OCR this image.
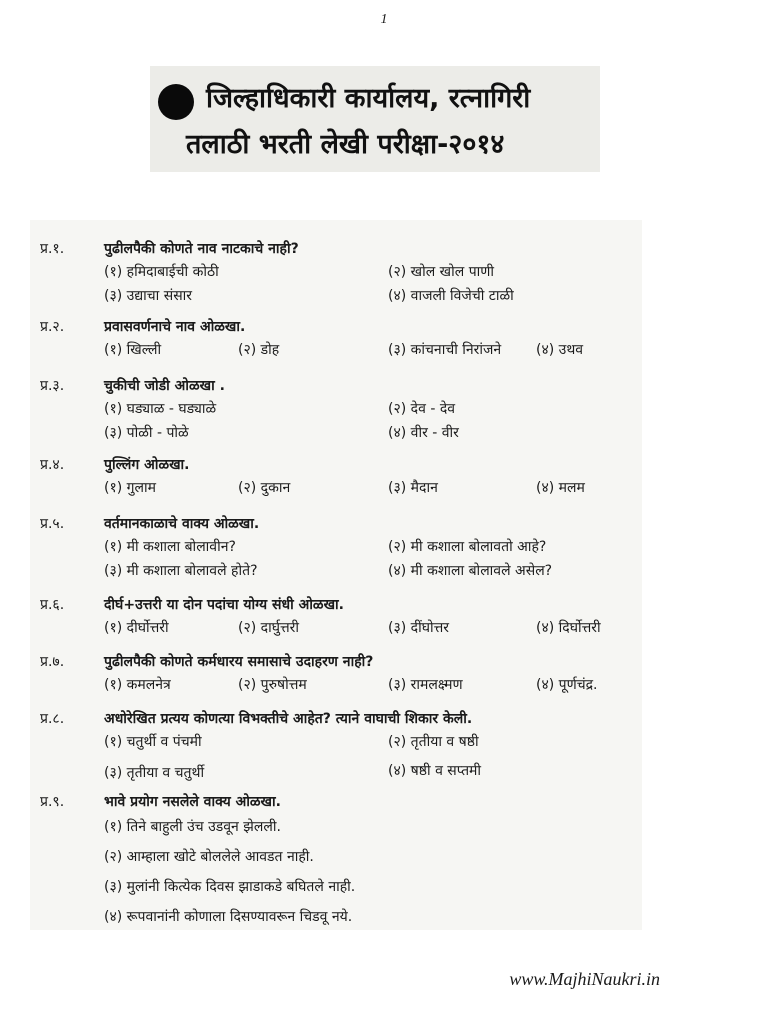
1
जिल्हाधिकारी कार्यालय, रत्नागिरी
तलाठी भरती लेखी परीक्षा-२०१४
प्र.१.	पुढीलपैकी कोणते नाव नाटकाचे नाही?
(१) हमिदाबाईची कोठी	(२) खोल खोल पाणी
(३) उद्याचा संसार	(४) वाजली विजेची टाळी
प्र.२.	प्रवासवर्णनाचे नाव ओळखा.
(१) खिल्ली	(२) डोह	(३) कांचनाची निरांजने (४) उथव
प्र.३.	चुकीची जोडी ओळखा .
(१) घड्याळ - घड्याळे	(२) देव - देव
(३) पोळी - पोळे	(४) वीर - वीर
प्र.४.	पुल्लिंग ओळखा.
(१) गुलाम	(२) दुकान	(३) मैदान	(४) मलम
प्र.५.	वर्तमानकाळाचे वाक्य ओळखा.
(१) मी कशाला बोलावीन?	(२) मी कशाला बोलावतो आहे?
(३) मी कशाला बोलावले होते?	(४) मी कशाला बोलावले असेल?
प्र.६.	दीर्घ+उत्तरी या दोन पदांचा योग्य संधी ओळखा.
(१) दीर्घोत्तरी	(२) दार्घुत्तरी	(३) दींघोत्तर	(४) दिर्घोत्तरी
प्र.७.	पुढीलपैकी कोणते कर्मधारय समासाचे उदाहरण नाही?
(१) कमलनेत्र	(२) पुरुषोत्तम	(३) रामलक्ष्मण	(४) पूर्णचंद्र.
प्र.८.	अधोरेखित प्रत्यय कोणत्या विभक्तीचे आहेत? त्याने वाघाची शिकार केली.
(१) चतुर्थी व पंचमी	(२) तृतीया व षष्ठी
(३) तृतीया व चतुर्थी	(४) षष्ठी व सप्तमी
प्र.९.	भावे प्रयोग नसलेले वाक्य ओळखा.
(१) तिने बाहुली उंच उडवून झेलली.
(२) आम्हाला खोटे बोललेले आवडत नाही.
(३) मुलांनी कित्येक दिवस झाडाकडे बघितले नाही.
(४) रूपवानांनी कोणाला दिसण्यावरून चिडवू नये.
www.MajhiNaukri.in
